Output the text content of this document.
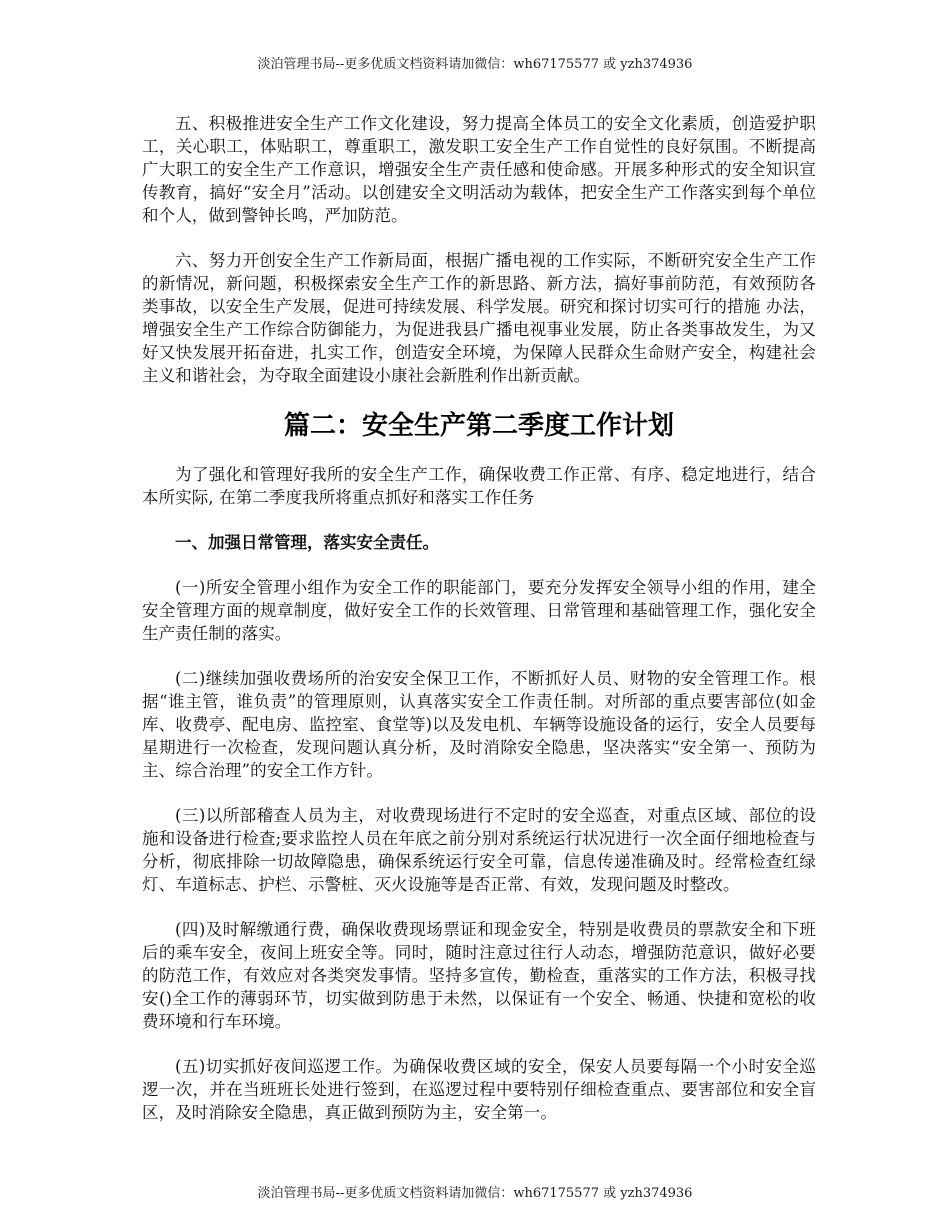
淡泊管理书局--更多优质文档资料请加微信：wh67175577 或 yzh374936

五、积极推进安全生产工作文化建设，努力提高全体员工的安全文化素质，创造爱护职工，关心职工，体贴职工，尊重职工，激发职工安全生产工作自觉性的良好氛围。不断提高广大职工的安全生产工作意识，增强安全生产责任感和使命感。开展多种形式的安全知识宣传教育，搞好“安全月”活动。以创建安全文明活动为载体，把安全生产工作落实到每个单位和个人，做到警钟长鸣，严加防范。

六、努力开创安全生产工作新局面，根据广播电视的工作实际，不断研究安全生产工作的新情况，新问题，积极探索安全生产工作的新思路、新方法，搞好事前防范，有效预防各类事故，以安全生产发展，促进可持续发展、科学发展。研究和探讨切实可行的措施 办法，增强安全生产工作综合防御能力，为促进我县广播电视事业发展，防止各类事故发生，为又好又快发展开拓奋进，扎实工作，创造安全环境，为保障人民群众生命财产安全，构建社会主义和谐社会，为夺取全面建设小康社会新胜利作出新贡献。

篇二：安全生产第二季度工作计划

为了强化和管理好我所的安全生产工作，确保收费工作正常、有序、稳定地进行，结合本所实际, 在第二季度我所将重点抓好和落实工作任务

一、加强日常管理，落实安全责任。

(一)所安全管理小组作为安全工作的职能部门，要充分发挥安全领导小组的作用，建全安全管理方面的规章制度，做好安全工作的长效管理、日常管理和基础管理工作，强化安全生产责任制的落实。

(二)继续加强收费场所的治安安全保卫工作，不断抓好人员、财物的安全管理工作。根据“谁主管，谁负责”的管理原则，认真落实安全工作责任制。对所部的重点要害部位(如金库、收费亭、配电房、监控室、食堂等)以及发电机、车辆等设施设备的运行，安全人员要每星期进行一次检查，发现问题认真分析，及时消除安全隐患，坚决落实“安全第一、预防为主、综合治理”的安全工作方针。

(三)以所部稽查人员为主，对收费现场进行不定时的安全巡查，对重点区域、部位的设施和设备进行检查;要求监控人员在年底之前分别对系统运行状况进行一次全面仔细地检查与分析，彻底排除一切故障隐患，确保系统运行安全可靠，信息传递准确及时。经常检查红绿灯、车道标志、护栏、示警桩、灭火设施等是否正常、有效，发现问题及时整改。

(四)及时解缴通行费，确保收费现场票证和现金安全，特别是收费员的票款安全和下班后的乘车安全，夜间上班安全等。同时，随时注意过往行人动态，增强防范意识，做好必要的防范工作，有效应对各类突发事情。坚持多宣传，勤检查，重落实的工作方法，积极寻找安()全工作的薄弱环节，切实做到防患于未然，以保证有一个安全、畅通、快捷和宽松的收费环境和行车环境。

(五)切实抓好夜间巡逻工作。为确保收费区域的安全，保安人员要每隔一个小时安全巡逻一次，并在当班班长处进行签到，在巡逻过程中要特别仔细检查重点、要害部位和安全盲区，及时消除安全隐患，真正做到预防为主，安全第一。

淡泊管理书局--更多优质文档资料请加微信：wh67175577 或 yzh374936
